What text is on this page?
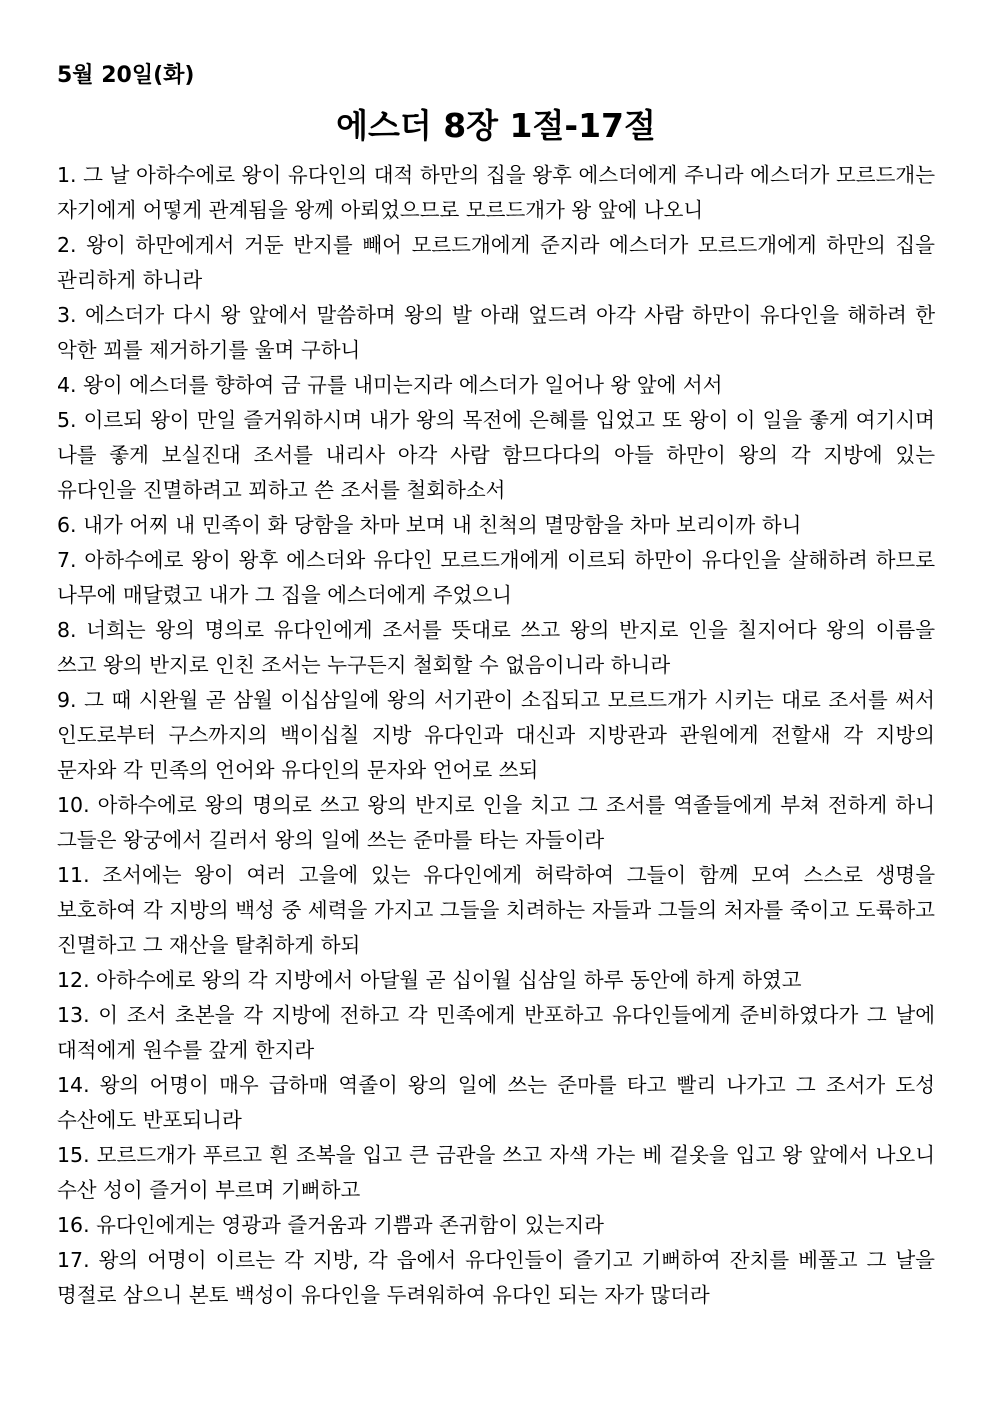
5월 20일(화)
에스더 8장 1절-17절

1. 그 날 아하수에로 왕이 유다인의 대적 하만의 집을 왕후 에스더에게 주니라 에스더가 모르드개는 자기에게 어떻게 관계됨을 왕께 아뢰었으므로 모르드개가 왕 앞에 나오니

2. 왕이 하만에게서 거둔 반지를 빼어 모르드개에게 준지라 에스더가 모르드개에게 하만의 집을 관리하게 하니라

3. 에스더가 다시 왕 앞에서 말씀하며 왕의 발 아래 엎드려 아각 사람 하만이 유다인을 해하려 한 악한 꾀를 제거하기를 울며 구하니

4. 왕이 에스더를 향하여 금 규를 내미는지라 에스더가 일어나 왕 앞에 서서

5. 이르되 왕이 만일 즐거워하시며 내가 왕의 목전에 은혜를 입었고 또 왕이 이 일을 좋게 여기시며 나를 좋게 보실진대 조서를 내리사 아각 사람 함므다다의 아들 하만이 왕의 각 지방에 있는 유다인을 진멸하려고 꾀하고 쓴 조서를 철회하소서

6. 내가 어찌 내 민족이 화 당함을 차마 보며 내 친척의 멸망함을 차마 보리이까 하니

7. 아하수에로 왕이 왕후 에스더와 유다인 모르드개에게 이르되 하만이 유다인을 살해하려 하므로 나무에 매달렸고 내가 그 집을 에스더에게 주었으니

8. 너희는 왕의 명의로 유다인에게 조서를 뜻대로 쓰고 왕의 반지로 인을 칠지어다 왕의 이름을 쓰고 왕의 반지로 인친 조서는 누구든지 철회할 수 없음이니라 하니라

9. 그 때 시완월 곧 삼월 이십삼일에 왕의 서기관이 소집되고 모르드개가 시키는 대로 조서를 써서 인도로부터 구스까지의 백이십칠 지방 유다인과 대신과 지방관과 관원에게 전할새 각 지방의 문자와 각 민족의 언어와 유다인의 문자와 언어로 쓰되

10. 아하수에로 왕의 명의로 쓰고 왕의 반지로 인을 치고 그 조서를 역졸들에게 부쳐 전하게 하니 그들은 왕궁에서 길러서 왕의 일에 쓰는 준마를 타는 자들이라

11. 조서에는 왕이 여러 고을에 있는 유다인에게 허락하여 그들이 함께 모여 스스로 생명을 보호하여 각 지방의 백성 중 세력을 가지고 그들을 치려하는 자들과 그들의 처자를 죽이고 도륙하고 진멸하고 그 재산을 탈취하게 하되

12. 아하수에로 왕의 각 지방에서 아달월 곧 십이월 십삼일 하루 동안에 하게 하였고

13. 이 조서 초본을 각 지방에 전하고 각 민족에게 반포하고 유다인들에게 준비하였다가 그 날에 대적에게 원수를 갚게 한지라

14. 왕의 어명이 매우 급하매 역졸이 왕의 일에 쓰는 준마를 타고 빨리 나가고 그 조서가 도성 수산에도 반포되니라

15. 모르드개가 푸르고 흰 조복을 입고 큰 금관을 쓰고 자색 가는 베 겉옷을 입고 왕 앞에서 나오니 수산 성이 즐거이 부르며 기뻐하고

16. 유다인에게는 영광과 즐거움과 기쁨과 존귀함이 있는지라

17. 왕의 어명이 이르는 각 지방, 각 읍에서 유다인들이 즐기고 기뻐하여 잔치를 베풀고 그 날을 명절로 삼으니 본토 백성이 유다인을 두려워하여 유다인 되는 자가 많더라
